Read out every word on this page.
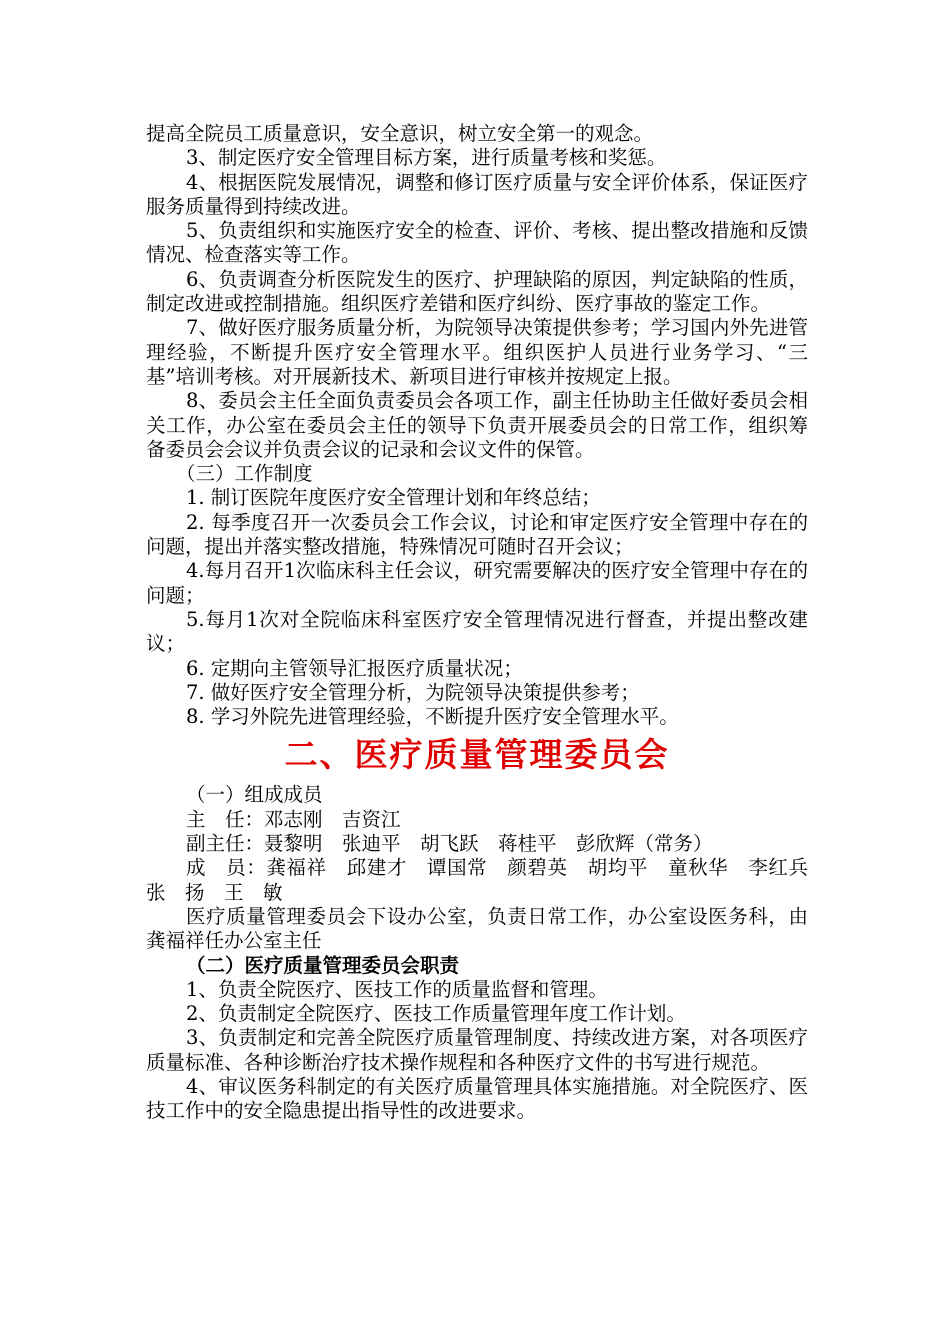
提高全院员工质量意识，安全意识，树立安全第一的观念。

3、制定医疗安全管理目标方案，进行质量考核和奖惩。

4、根据医院发展情况，调整和修订医疗质量与安全评价体系，保证医疗服务质量得到持续改进。

5、负责组织和实施医疗安全的检查、评价、考核、提出整改措施和反馈情况、检查落实等工作。

6、负责调查分析医院发生的医疗、护理缺陷的原因，判定缺陷的性质，制定改进或控制措施。组织医疗差错和医疗纠纷、医疗事故的鉴定工作。

7、做好医疗服务质量分析，为院领导决策提供参考；学习国内外先进管理经验，不断提升医疗安全管理水平。组织医护人员进行业务学习、“三基”培训考核。对开展新技术、新项目进行审核并按规定上报。

8、委员会主任全面负责委员会各项工作，副主任协助主任做好委员会相关工作，办公室在委员会主任的领导下负责开展委员会的日常工作，组织筹备委员会会议并负责会议的记录和会议文件的保管。

（三）工作制度

1. 制订医院年度医疗安全管理计划和年终总结；

2. 每季度召开一次委员会工作会议，讨论和审定医疗安全管理中存在的问题，提出并落实整改措施，特殊情况可随时召开会议；

4.每月召开1次临床科主任会议，研究需要解决的医疗安全管理中存在的问题；

5.每月1次对全院临床科室医疗安全管理情况进行督查，并提出整改建议；

6. 定期向主管领导汇报医疗质量状况；

7. 做好医疗安全管理分析，为院领导决策提供参考；

8. 学习外院先进管理经验，不断提升医疗安全管理水平。

二、医疗质量管理委员会

（一）组成成员

主　任：邓志刚　吉资江

副主任：聂黎明　张迪平　胡飞跃　蒋桂平　彭欣辉（常务）

成　员：龚福祥　邱建才　谭国常　颜碧英　胡均平　童秋华　李红兵　张　扬　王　敏

医疗质量管理委员会下设办公室，负责日常工作，办公室设医务科，由龚福祥任办公室主任

（二）医疗质量管理委员会职责

1、负责全院医疗、医技工作的质量监督和管理。

2、负责制定全院医疗、医技工作质量管理年度工作计划。

3、负责制定和完善全院医疗质量管理制度、持续改进方案，对各项医疗质量标准、各种诊断治疗技术操作规程和各种医疗文件的书写进行规范。

4、审议医务科制定的有关医疗质量管理具体实施措施。对全院医疗、医技工作中的安全隐患提出指导性的改进要求。
